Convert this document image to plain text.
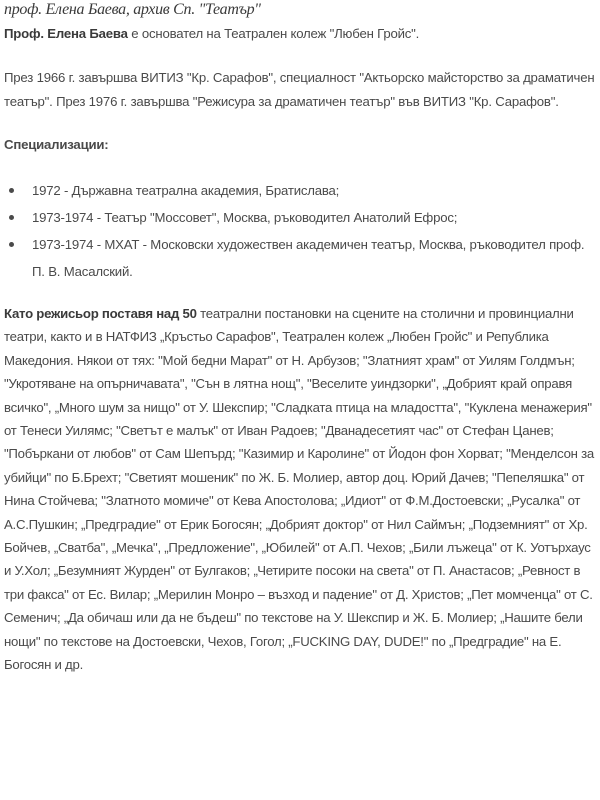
проф. Елена Баева, архив Сп. "Театър"

Проф. Елена Баева е основател на Театрален колеж "Любен Гройс".

През 1966 г. завършва ВИТИЗ "Кр. Сарафов", специалност "Актьорско майсторство за драматичен театър". През 1976 г. завършва "Режисура за драматичен театър" във ВИТИЗ "Кр. Сарафов".

Специализации:

1972 - Държавна театрална академия, Братислава;
1973-1974 - Театър "Моссовет", Москва, ръководител Анатолий Ефрос;
1973-1974 - МХАТ - Московски художествен академичен театър, Москва, ръководител проф. П. В. Масалский.

Като режисьор поставя над 50 театрални постановки на сцените на столични и провинциални театри, както и в НАТФИЗ „Кръстьо Сарафов", Театрален колеж „Любен Гройс" и Република Македония. Някои от тях: "Мой бедни Марат" от Н. Арбузов; "Златният храм" от Уилям Голдмън; "Укротяване на опърничавата", "Сън в лятна нощ", "Веселите уиндзорки", „Добрият край оправя всичко", „Много шум за нищо" от У. Шекспир; "Сладката птица на младостта", "Куклена менажерия" от Тенеси Уилямс; "Светът е малък" от Иван Радоев; "Дванадесетият час" от Стефан Цанев; "Побъркани от любов" от Сам Шепърд; "Казимир и Каролине" от Йодон фон Хорват; "Менделсон за убийци" по Б.Брехт; "Светият мошеник" по Ж. Б. Молиер, автор доц. Юрий Дачев; "Пепеляшка" от Нина Стойчева; "Златното момиче" от Кева Апостолова; „Идиот" от Ф.М.Достоевски; „Русалка" от А.С.Пушкин; „Предградие" от Ерик Богосян; „Добрият доктор" от Нил Саймън; „Подземният" от Хр. Бойчев, „Сватба", „Мечка", „Предложение", „Юбилей" от А.П. Чехов; „Били лъжеца" от К. Уотърхаус и У.Хол; „Безумният Журден" от Булгаков; „Четирите посоки на света" от П. Анастасов; „Ревност в три факса" от Ес. Вилар; „Мерилин Монро – възход и падение" от Д. Христов; „Пет момченца" от С. Семенич; „Да обичаш или да не бъдеш" по текстове на У. Шекспир и Ж. Б. Молиер; „Нашите бели нощи" по текстове на Достоевски, Чехов, Гогол; „FUCKING DAY, DUDE!" по „Предградие" на Е. Богосян и др.
